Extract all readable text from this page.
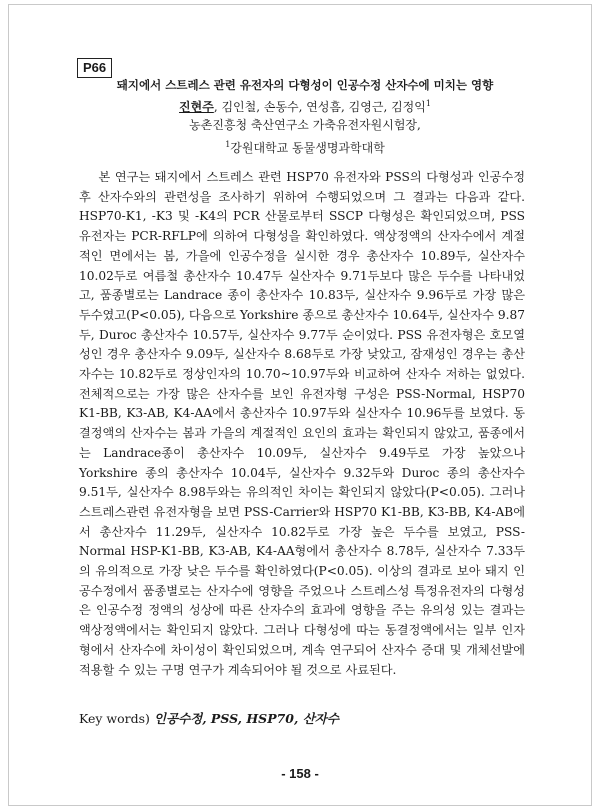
P66
돼지에서 스트레스 관련 유전자의 다형성이 인공수정 산자수에 미치는 영향
진현주, 김인철, 손동수, 연성흠, 김영근, 김정익$^1$
농촌진흥청 축산연구소 가축유전자원시험장,
$^1$강원대학교 동물생명과학대학

본 연구는 돼지에서 스트레스 관련 HSP70 유전자와 PSS의 다형성과 인공수정 후 산자수와의 관련성을 조사하기 위하여 수행되었으며 그 결과는 다음과 같다. HSP70-K1, -K3 및 -K4의 PCR 산물로부터 SSCP 다형성은 확인되었으며, PSS 유전자는 PCR-RFLP에 의하여 다형성을 확인하였다. 액상정액의 산자수에서 계절적인 면에서는 봄, 가을에 인공수정을 실시한 경우 총산자수 10.89두, 실산자수 10.02두로 여름철 총산자수 10.47두 실산자수 9.71두보다 많은 두수를 나타내었고, 품종별로는 Landrace 종이 총산자수 10.83두, 실산자수 9.96두로 가장 많은 두수였고(P<0.05), 다음으로 Yorkshire 종으로 총산자수 10.64두, 실산자수 9.87두, Duroc 총산자수 10.57두, 실산자수 9.77두 순이었다. PSS 유전자형은 호모열성인 경우 총산자수 9.09두, 실산자수 8.68두로 가장 낮았고, 잠재성인 경우는 총산자수는 10.82두로 정상인자의 10.70~10.97두와 비교하여 산자수 저하는 없었다. 전체적으로는 가장 많은 산자수를 보인 유전자형 구성은 PSS-Normal, HSP70 K1-BB, K3-AB, K4-AA에서 총산자수 10.97두와 실산자수 10.96두를 보였다. 동결정액의 산자수는 봄과 가을의 계절적인 요인의 효과는 확인되지 않았고, 품종에서는 Landrace종이 총산자수 10.09두, 실산자수 9.49두로 가장 높았으나 Yorkshire 종의 총산자수 10.04두, 실산자수 9.32두와 Duroc 종의 총산자수 9.51두, 실산자수 8.98두와는 유의적인 차이는 확인되지 않았다(P<0.05). 그러나 스트레스관련 유전자형을 보면 PSS-Carrier와 HSP70 K1-BB, K3-BB, K4-AB에서 총산자수 11.29두, 실산자수 10.82두로 가장 높은 두수를 보였고, PSS-Normal HSP-K1-BB, K3-AB, K4-AA형에서 총산자수 8.78두, 실산자수 7.33두의 유의적으로 가장 낮은 두수를 확인하였다(P<0.05). 이상의 결과로 보아 돼지 인공수정에서 품종별로는 산자수에 영향을 주었으나 스트레스성 특정유전자의 다형성은 인공수정 정액의 성상에 따른 산자수의 효과에 영향을 주는 유의성 있는 결과는 액상정액에서는 확인되지 않았다. 그러나 다형성에 따는 동결정액에서는 일부 인자형에서 산자수에 차이성이 확인되었으며, 계속 연구되어 산자수 증대 및 개체선발에 적용할 수 있는 구명 연구가 계속되어야 될 것으로 사료된다.

Key words) 인공수정, PSS, HSP70, 산자수
- 158 -
